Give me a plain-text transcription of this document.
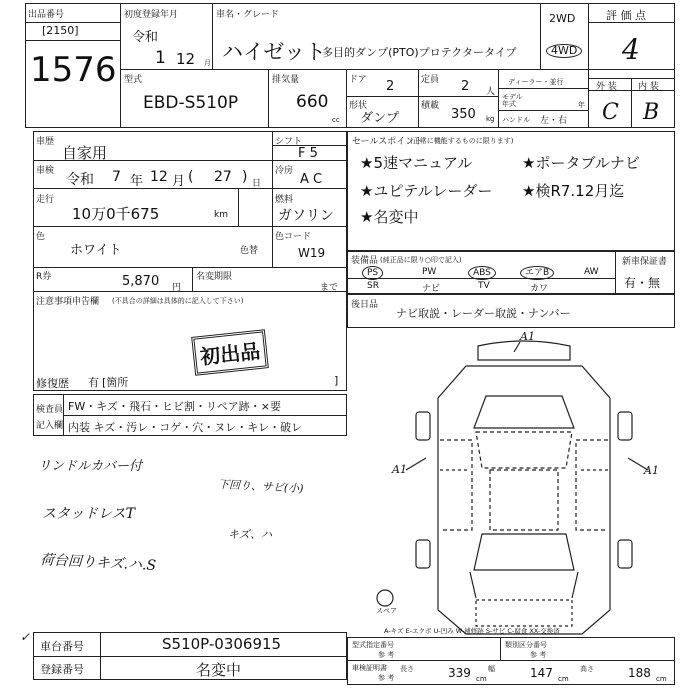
出品番号
[2150]
1576
初度登録年月
令和
1 12 月
車名・グレード
ハイゼット
多目的ダンプ(PTO)プロテクタータイプ
2WD
4WD
評 価 点
4
型式
EBD-S510P
排気量
660
cc
ドア 2	定員 2 人
形状
ダンプ
積載
350 kg
ディーラー・並行
モデル年式	年
ハンドル 左・右
外 装 内 装
C B
車歴
自家用
車検
令和 7 年 12 月 ( 27 ) 日
走行
10万0千675	km
色
ホワイト	色替
シフト
F 5
冷房
A C
燃料
ガソリン
色コード
W19
R券	5,870 円
名変期限
まで
注意事項申告欄 (不具合の詳細は具体的に記入して下さい)
初出品
修復歴 有 [箇所	]
セールスポイント
(正常に機能するものに限ります)
★5速マニュアル	★ポータブルナビ
★ユピテルレーダー ★検R7.12月迄
★名変中
装備品 (純正品に限り○印で記入)	新車保証書
有・無
PS	PW	ABS	エアB	AW
SR	ナビ	TV	カワ
後日品
ナビ取説・レーダー取説・ナンバー
検査員
記入欄
FW・キズ・飛石・ヒビ割・リペア跡・×要
内装 キズ・汚レ・コゲ・穴・ヌレ・キレ・破レ
リンドルカバー付
スタッドレスT
荷台回りキズ.ハ.S
下回り、サビ(小)
キズ、ハ
A1
A1	A1
スペア
A-キズ E-エクボ U-凹み W-補修跡 S-サビ C-腐食 XX-交換済
✓
車台番号	S510P-0306915
登録番号	名変中
型式指定番号
参 考
類別区分番号
参 考
車検証明書
参 考
長さ	339 cm
幅	147 cm
高さ	188 cm
